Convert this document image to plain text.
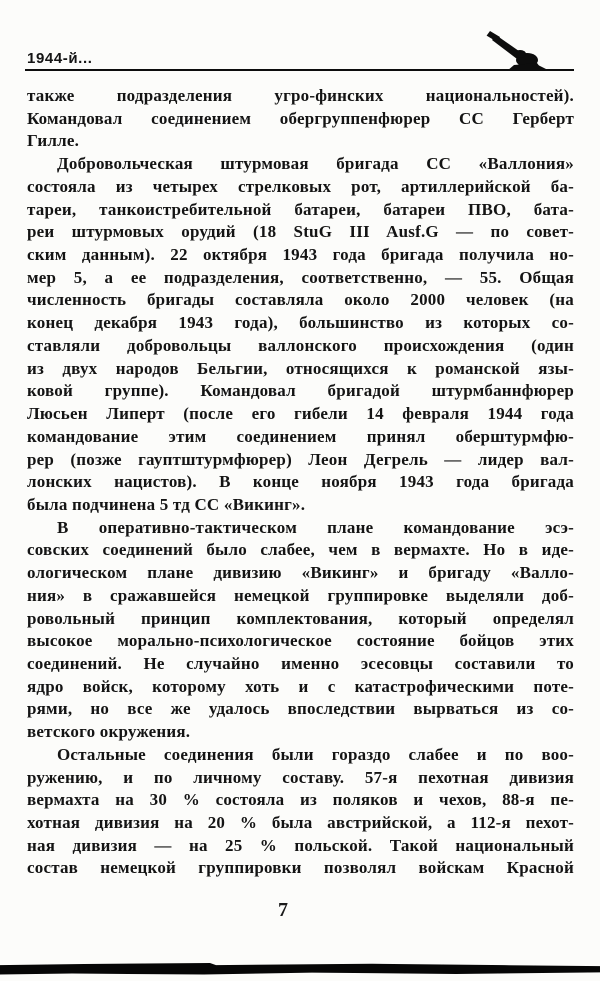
1944-й...
также подразделения угро-финских национальностей).
Командовал соединением обергруппенфюрер СС Герберт
Гилле.
Добровольческая штурмовая бригада СС «Валлония»
состояла из четырех стрелковых рот, артиллерийской ба-
тареи, танкоистребительной батареи, батареи ПВО, бата-
реи штурмовых орудий (18 StuG III Ausf.G — по совет-
ским данным). 22 октября 1943 года бригада получила но-
мер 5, а ее подразделения, соответственно, — 55. Общая
численность бригады составляла около 2000 человек (на
конец декабря 1943 года), большинство из которых со-
ставляли добровольцы валлонского происхождения (один
из двух народов Бельгии, относящихся к романской язы-
ковой группе). Командовал бригадой штурмбаннфюрер
Люсьен Липерт (после его гибели 14 февраля 1944 года
командование этим соединением принял оберштурмфю-
рер (позже гауптштурмфюрер) Леон Дегрель — лидер вал-
лонских нацистов). В конце ноября 1943 года бригада
была подчинена 5 тд СС «Викинг».
В оперативно-тактическом плане командование эсэ-
совских соединений было слабее, чем в вермахте. Но в иде-
ологическом плане дивизию «Викинг» и бригаду «Валло-
ния» в сражавшейся немецкой группировке выделяли доб-
ровольный принцип комплектования, который определял
высокое морально-психологическое состояние бойцов этих
соединений. Не случайно именно эсесовцы составили то
ядро войск, которому хоть и с катастрофическими поте-
рями, но все же удалось впоследствии вырваться из со-
ветского окружения.
Остальные соединения были гораздо слабее и по воо-
ружению, и по личному составу. 57-я пехотная дивизия
вермахта на 30 % состояла из поляков и чехов, 88-я пе-
хотная дивизия на 20 % была австрийской, а 112-я пехот-
ная дивизия — на 25 % польской. Такой национальный
состав немецкой группировки позволял войскам Красной
7
